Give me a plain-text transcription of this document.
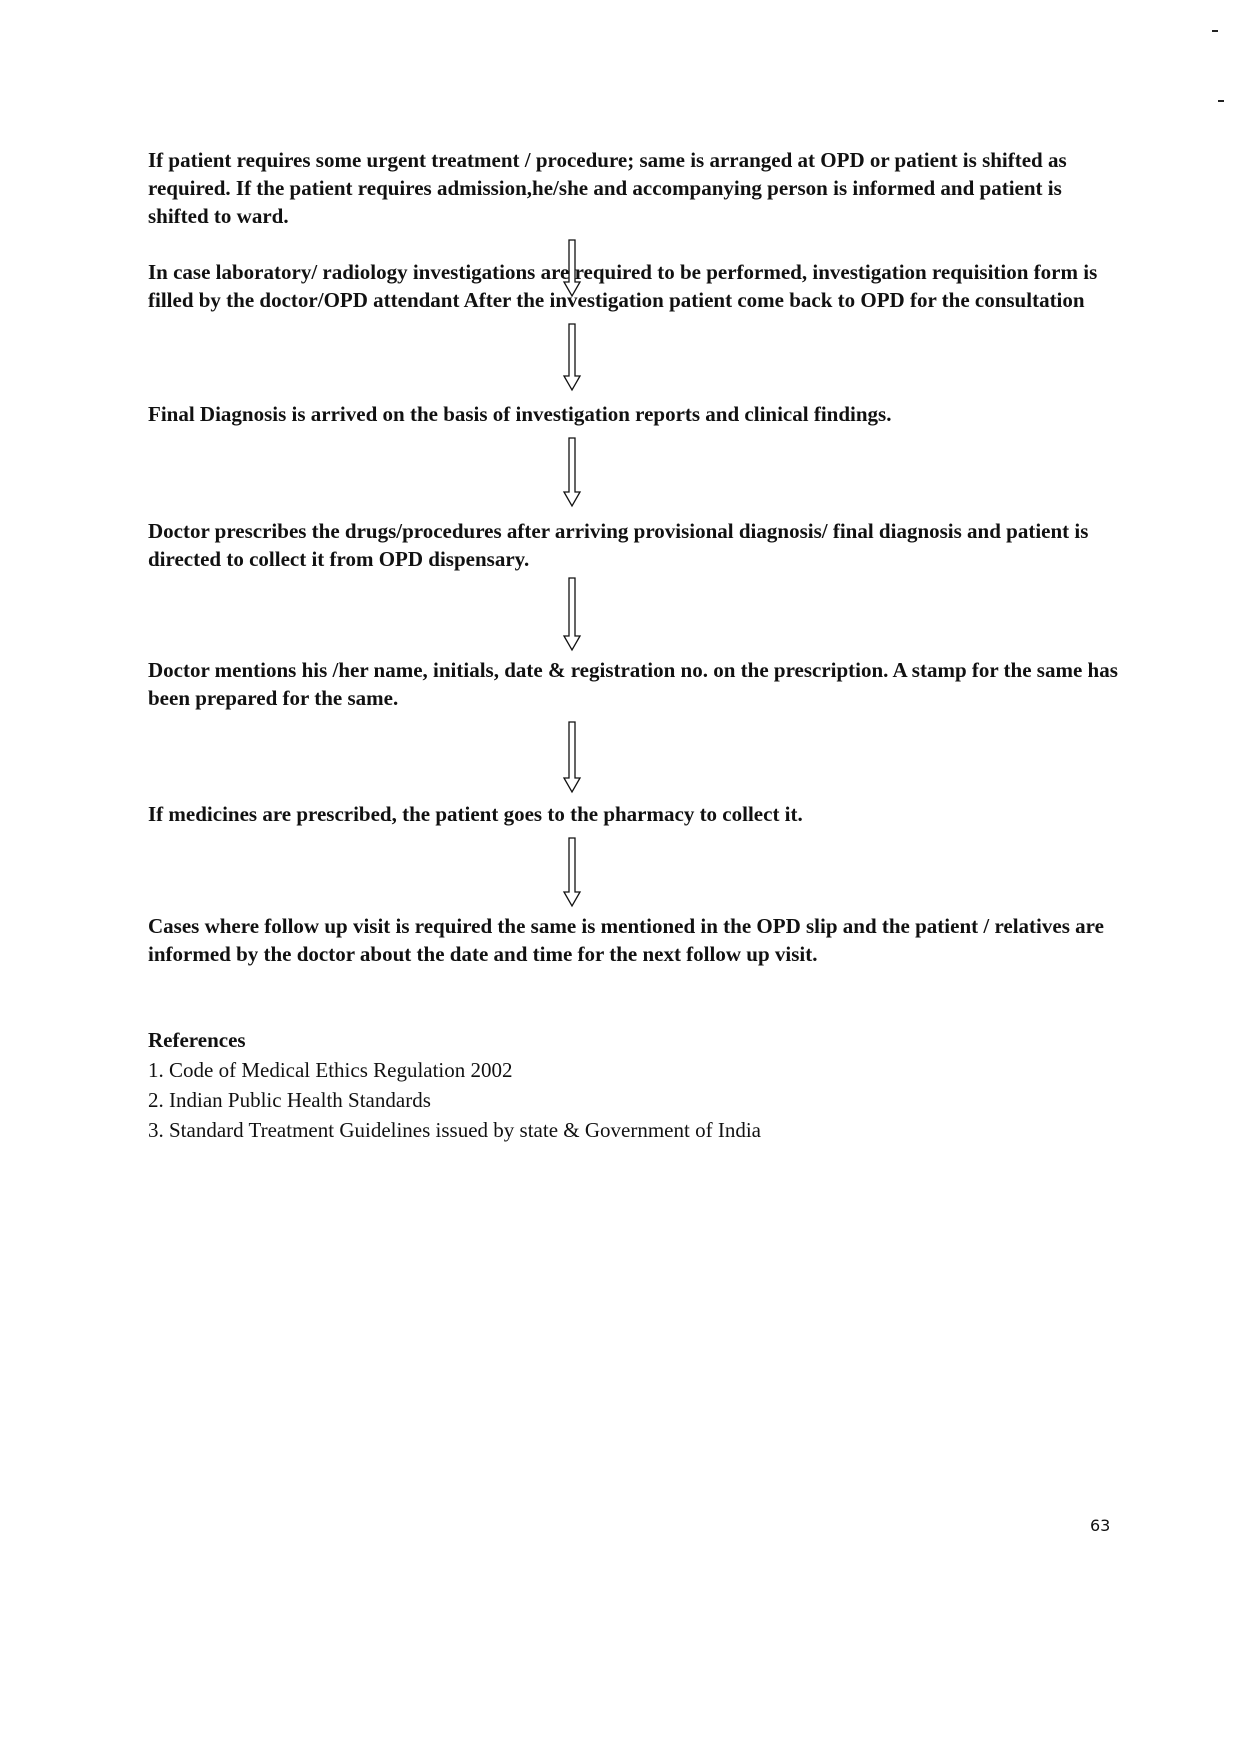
If patient requires some urgent treatment / procedure; same is arranged at OPD or patient is shifted as required. If the patient requires admission,he/she and accompanying person is informed and patient is shifted to ward.

In case laboratory/ radiology investigations are required to be performed, investigation requisition form is filled by the doctor/OPD attendant After the investigation patient come back to OPD for the consultation

Final Diagnosis is arrived on the basis of investigation reports and clinical findings.

Doctor prescribes the drugs/procedures after arriving provisional diagnosis/ final diagnosis and patient is directed to collect it from OPD dispensary.

Doctor mentions his /her name, initials, date & registration no. on the prescription. A stamp for the same has been prepared for the same.

If medicines are prescribed, the patient goes to the pharmacy to collect it.

Cases where follow up visit is required the same is mentioned in the OPD slip and the patient / relatives are informed by the doctor about the date and time for the next follow up visit.

References

1. Code of Medical Ethics Regulation 2002
2. Indian Public Health Standards
3. Standard Treatment Guidelines issued by state & Government of India
63
